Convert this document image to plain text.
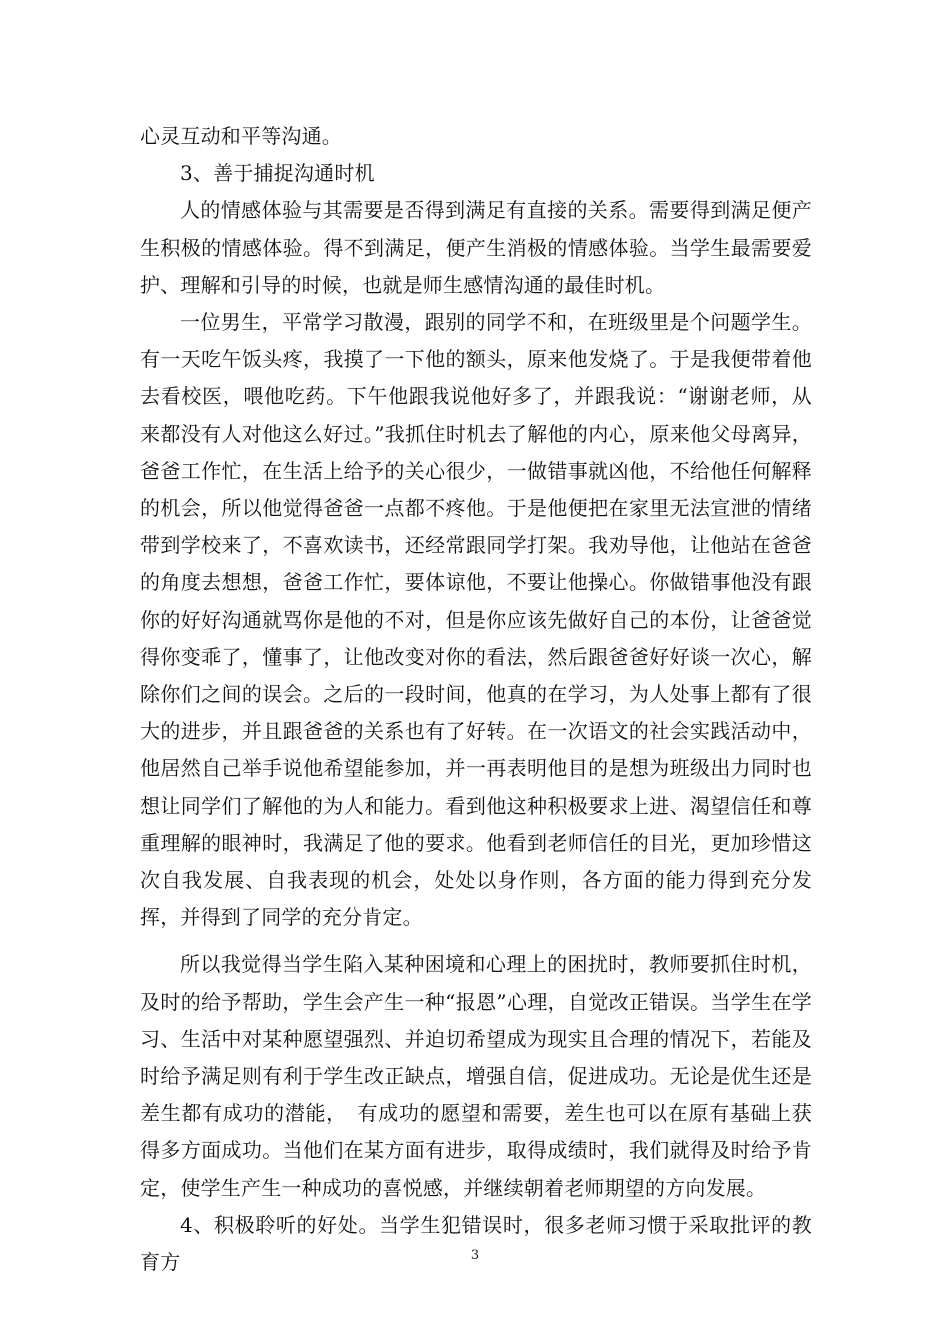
心灵互动和平等沟通。

3、善于捕捉沟通时机

人的情感体验与其需要是否得到满足有直接的关系。需要得到满足便产生积极的情感体验。得不到满足，便产生消极的情感体验。当学生最需要爱护、理解和引导的时候，也就是师生感情沟通的最佳时机。

一位男生，平常学习散漫，跟别的同学不和，在班级里是个问题学生。有一天吃午饭头疼，我摸了一下他的额头，原来他发烧了。于是我便带着他去看校医，喂他吃药。下午他跟我说他好多了，并跟我说：“谢谢老师，从来都没有人对他这么好过。”我抓住时机去了解他的内心，原来他父母离异，爸爸工作忙，在生活上给予的关心很少，一做错事就凶他，不给他任何解释的机会，所以他觉得爸爸一点都不疼他。于是他便把在家里无法宣泄的情绪带到学校来了，不喜欢读书，还经常跟同学打架。我劝导他，让他站在爸爸的角度去想想，爸爸工作忙，要体谅他，不要让他操心。你做错事他没有跟你的好好沟通就骂你是他的不对，但是你应该先做好自己的本份，让爸爸觉得你变乖了，懂事了，让他改变对你的看法，然后跟爸爸好好谈一次心，解除你们之间的误会。之后的一段时间，他真的在学习，为人处事上都有了很大的进步，并且跟爸爸的关系也有了好转。在一次语文的社会实践活动中，他居然自己举手说他希望能参加，并一再表明他目的是想为班级出力同时也想让同学们了解他的为人和能力。看到他这种积极要求上进、渴望信任和尊重理解的眼神时，我满足了他的要求。他看到老师信任的目光，更加珍惜这次自我发展、自我表现的机会，处处以身作则，各方面的能力得到充分发挥，并得到了同学的充分肯定。

所以我觉得当学生陷入某种困境和心理上的困扰时，教师要抓住时机，及时的给予帮助，学生会产生一种“报恩”心理，自觉改正错误。当学生在学习、生活中对某种愿望强烈、并迫切希望成为现实且合理的情况下，若能及时给予满足则有利于学生改正缺点，增强自信，促进成功。无论是优生还是差生都有成功的潜能，　有成功的愿望和需要，差生也可以在原有基础上获得多方面成功。当他们在某方面有进步，取得成绩时，我们就得及时给予肯定，使学生产生一种成功的喜悦感，并继续朝着老师期望的方向发展。

4、积极聆听的好处。当学生犯错误时，很多老师习惯于采取批评的教育方	3
